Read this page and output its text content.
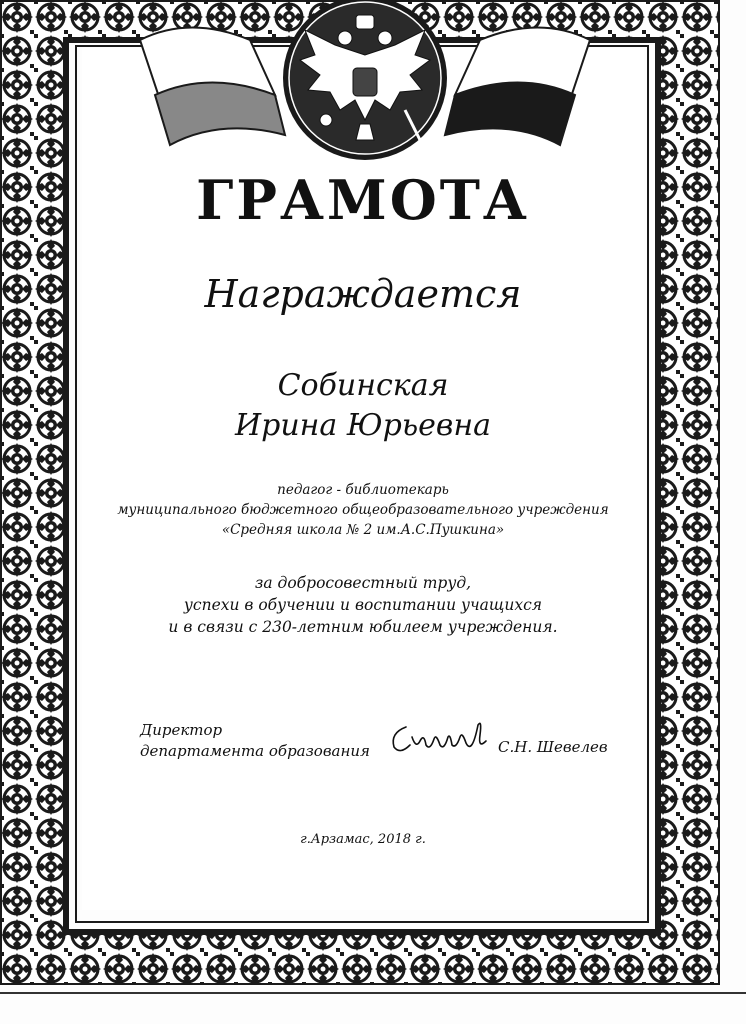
ГРАМОТА
Награждается
Собинская
Ирина Юрьевна
педагог - библиотекарь
муниципального бюджетного общеобразовательного учреждения
«Средняя школа № 2 им.А.С.Пушкина»
за добросовестный труд,
успехи в обучении и воспитании учащихся
и в связи с 230-летним юбилеем учреждения.
Директор
департамента образования	С.Н. Шевелев
г.Арзамас, 2018 г.
